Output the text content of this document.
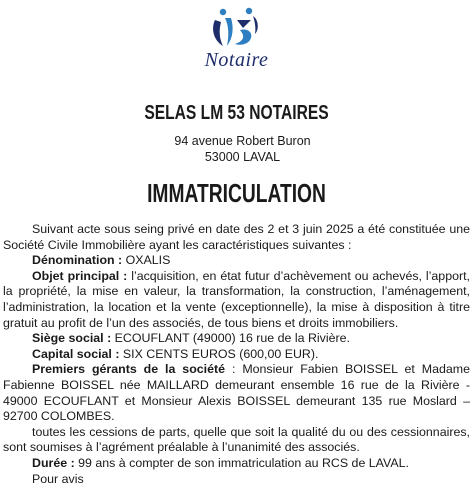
Notaire
SELAS LM 53 NOTAIRES
94 avenue Robert Buron
53000 LAVAL
IMMATRICULATION

Suivant acte sous seing privé en date des 2 et 3 juin 2025 a été constituée une Société Civile Immobilière ayant les caractéristiques suivantes :

Dénomination : OXALIS

Objet principal : l’acquisition, en état futur d’achèvement ou achevés, l’apport, la propriété, la mise en valeur, la transformation, la construction, l’aménagement, l’administration, la location et la vente (exceptionnelle), la mise à disposition à titre gratuit au profit de l’un des associés, de tous biens et droits immobiliers.

Siège social : ECOUFLANT (49000) 16 rue de la Rivière.

Capital social : SIX CENTS EUROS (600,00 EUR).

Premiers gérants de la société : Monsieur Fabien BOISSEL et Madame Fabienne BOISSEL née MAILLARD demeurant ensemble 16 rue de la Rivière - 49000 ECOUFLANT et Monsieur Alexis BOISSEL demeurant 135 rue Moslard – 92700 COLOMBES.

toutes les cessions de parts, quelle que soit la qualité du ou des cessionnaires, sont soumises à l’agrément préalable à l’unanimité des associés.

Durée : 99 ans à compter de son immatriculation au RCS de LAVAL.

Pour avis
